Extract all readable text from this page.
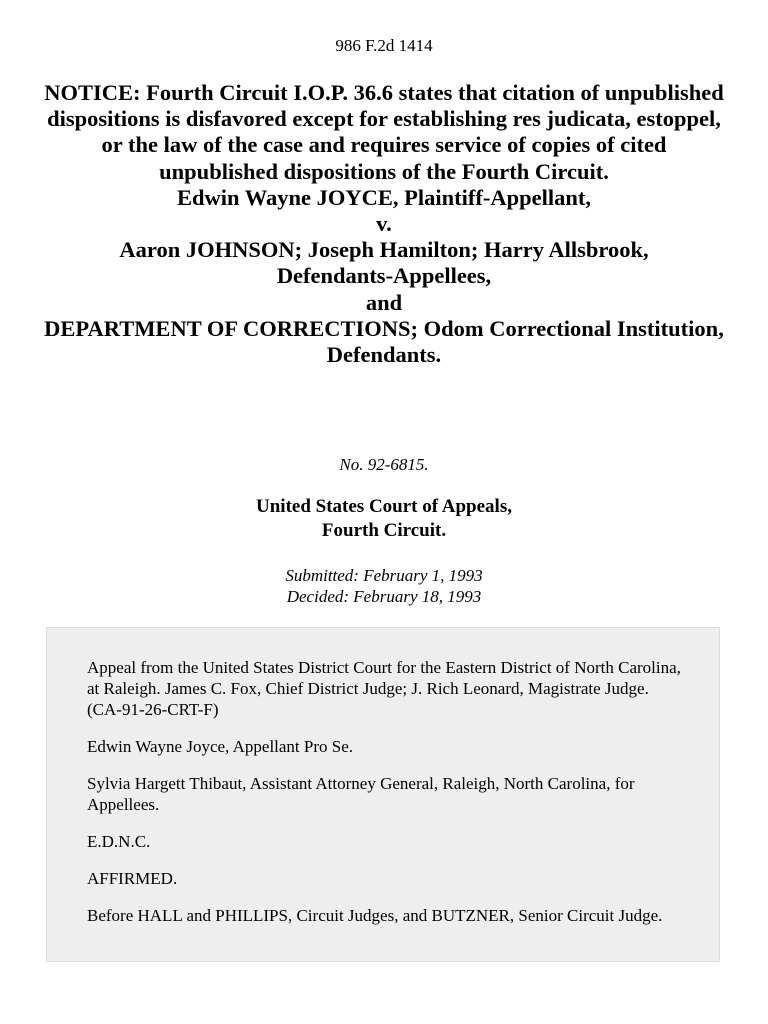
986 F.2d 1414
NOTICE: Fourth Circuit I.O.P. 36.6 states that citation of unpublished dispositions is disfavored except for establishing res judicata, estoppel, or the law of the case and requires service of copies of cited unpublished dispositions of the Fourth Circuit.
Edwin Wayne JOYCE, Plaintiff-Appellant,
v.
Aaron JOHNSON; Joseph Hamilton; Harry Allsbrook,
Defendants-Appellees,
and
DEPARTMENT OF CORRECTIONS; Odom Correctional Institution,
Defendants.
No. 92-6815.
United States Court of Appeals,
Fourth Circuit.
Submitted: February 1, 1993
Decided: February 18, 1993

Appeal from the United States District Court for the Eastern District of North Carolina, at Raleigh. James C. Fox, Chief District Judge; J. Rich Leonard, Magistrate Judge. (CA-91-26-CRT-F)

Edwin Wayne Joyce, Appellant Pro Se.

Sylvia Hargett Thibaut, Assistant Attorney General, Raleigh, North Carolina, for Appellees.

E.D.N.C.

AFFIRMED.

Before HALL and PHILLIPS, Circuit Judges, and BUTZNER, Senior Circuit Judge.
